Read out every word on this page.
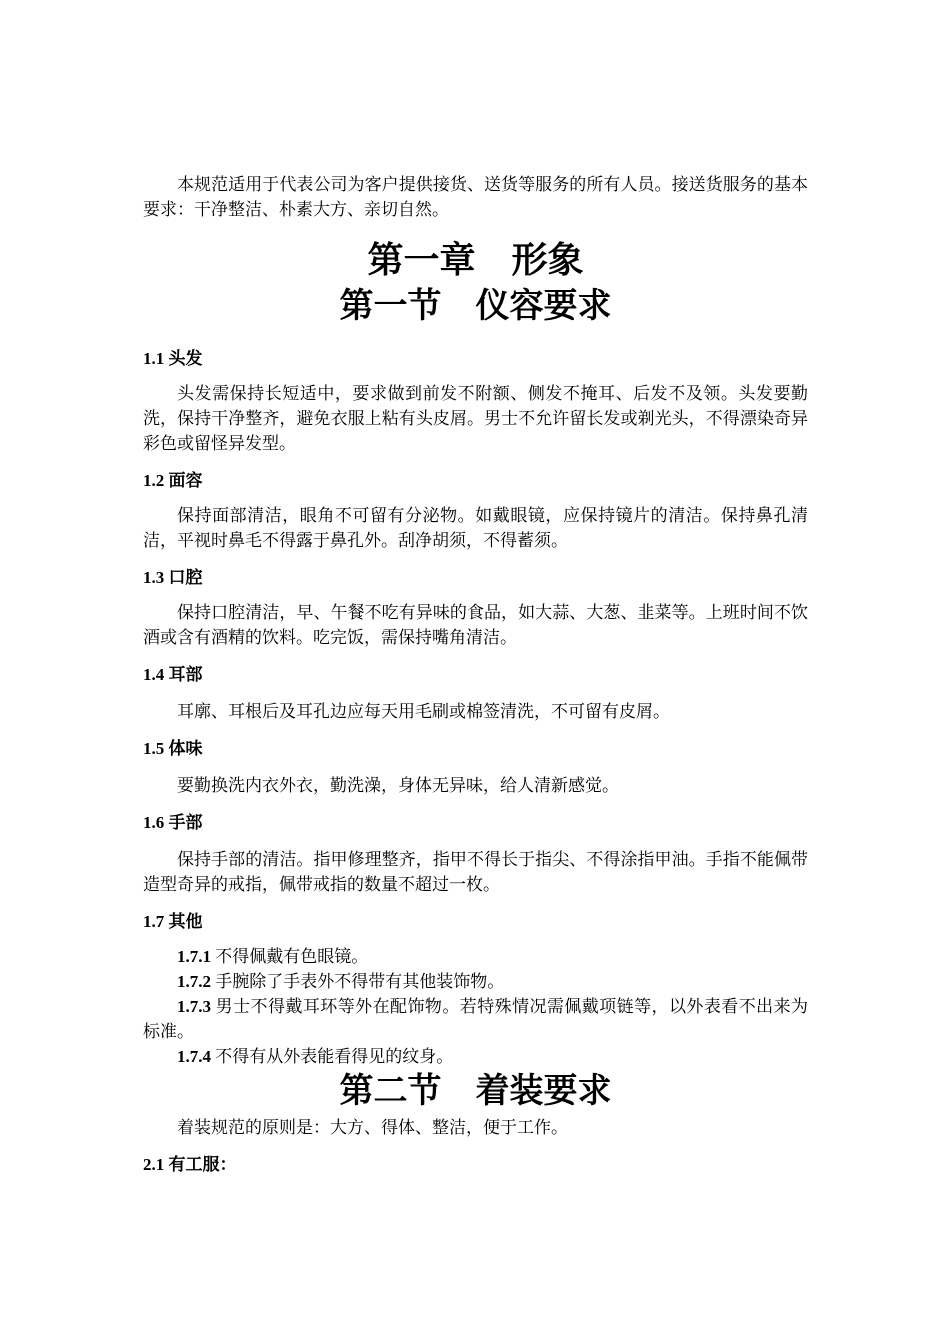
本规范适用于代表公司为客户提供接货、送货等服务的所有人员。接送货服务的基本要求：干净整洁、朴素大方、亲切自然。

第一章　形象
第一节　仪容要求
1.1 头发

头发需保持长短适中，要求做到前发不附额、侧发不掩耳、后发不及领。头发要勤洗，保持干净整齐，避免衣服上粘有头皮屑。男士不允许留长发或剃光头，不得漂染奇异彩色或留怪异发型。

1.2 面容

保持面部清洁，眼角不可留有分泌物。如戴眼镜，应保持镜片的清洁。保持鼻孔清洁，平视时鼻毛不得露于鼻孔外。刮净胡须，不得蓄须。

1.3 口腔

保持口腔清洁，早、午餐不吃有异味的食品，如大蒜、大葱、韭菜等。上班时间不饮酒或含有酒精的饮料。吃完饭，需保持嘴角清洁。

1.4 耳部

耳廓、耳根后及耳孔边应每天用毛刷或棉签清洗，不可留有皮屑。

1.5 体味

要勤换洗内衣外衣，勤洗澡，身体无异味，给人清新感觉。

1.6 手部

保持手部的清洁。指甲修理整齐，指甲不得长于指尖、不得涂指甲油。手指不能佩带造型奇异的戒指，佩带戒指的数量不超过一枚。

1.7 其他

1.7.1 不得佩戴有色眼镜。

1.7.2 手腕除了手表外不得带有其他装饰物。

1.7.3 男士不得戴耳环等外在配饰物。若特殊情况需佩戴项链等，以外表看不出来为标准。

1.7.4 不得有从外表能看得见的纹身。

第二节　着装要求

着装规范的原则是：大方、得体、整洁，便于工作。

2.1 有工服：
